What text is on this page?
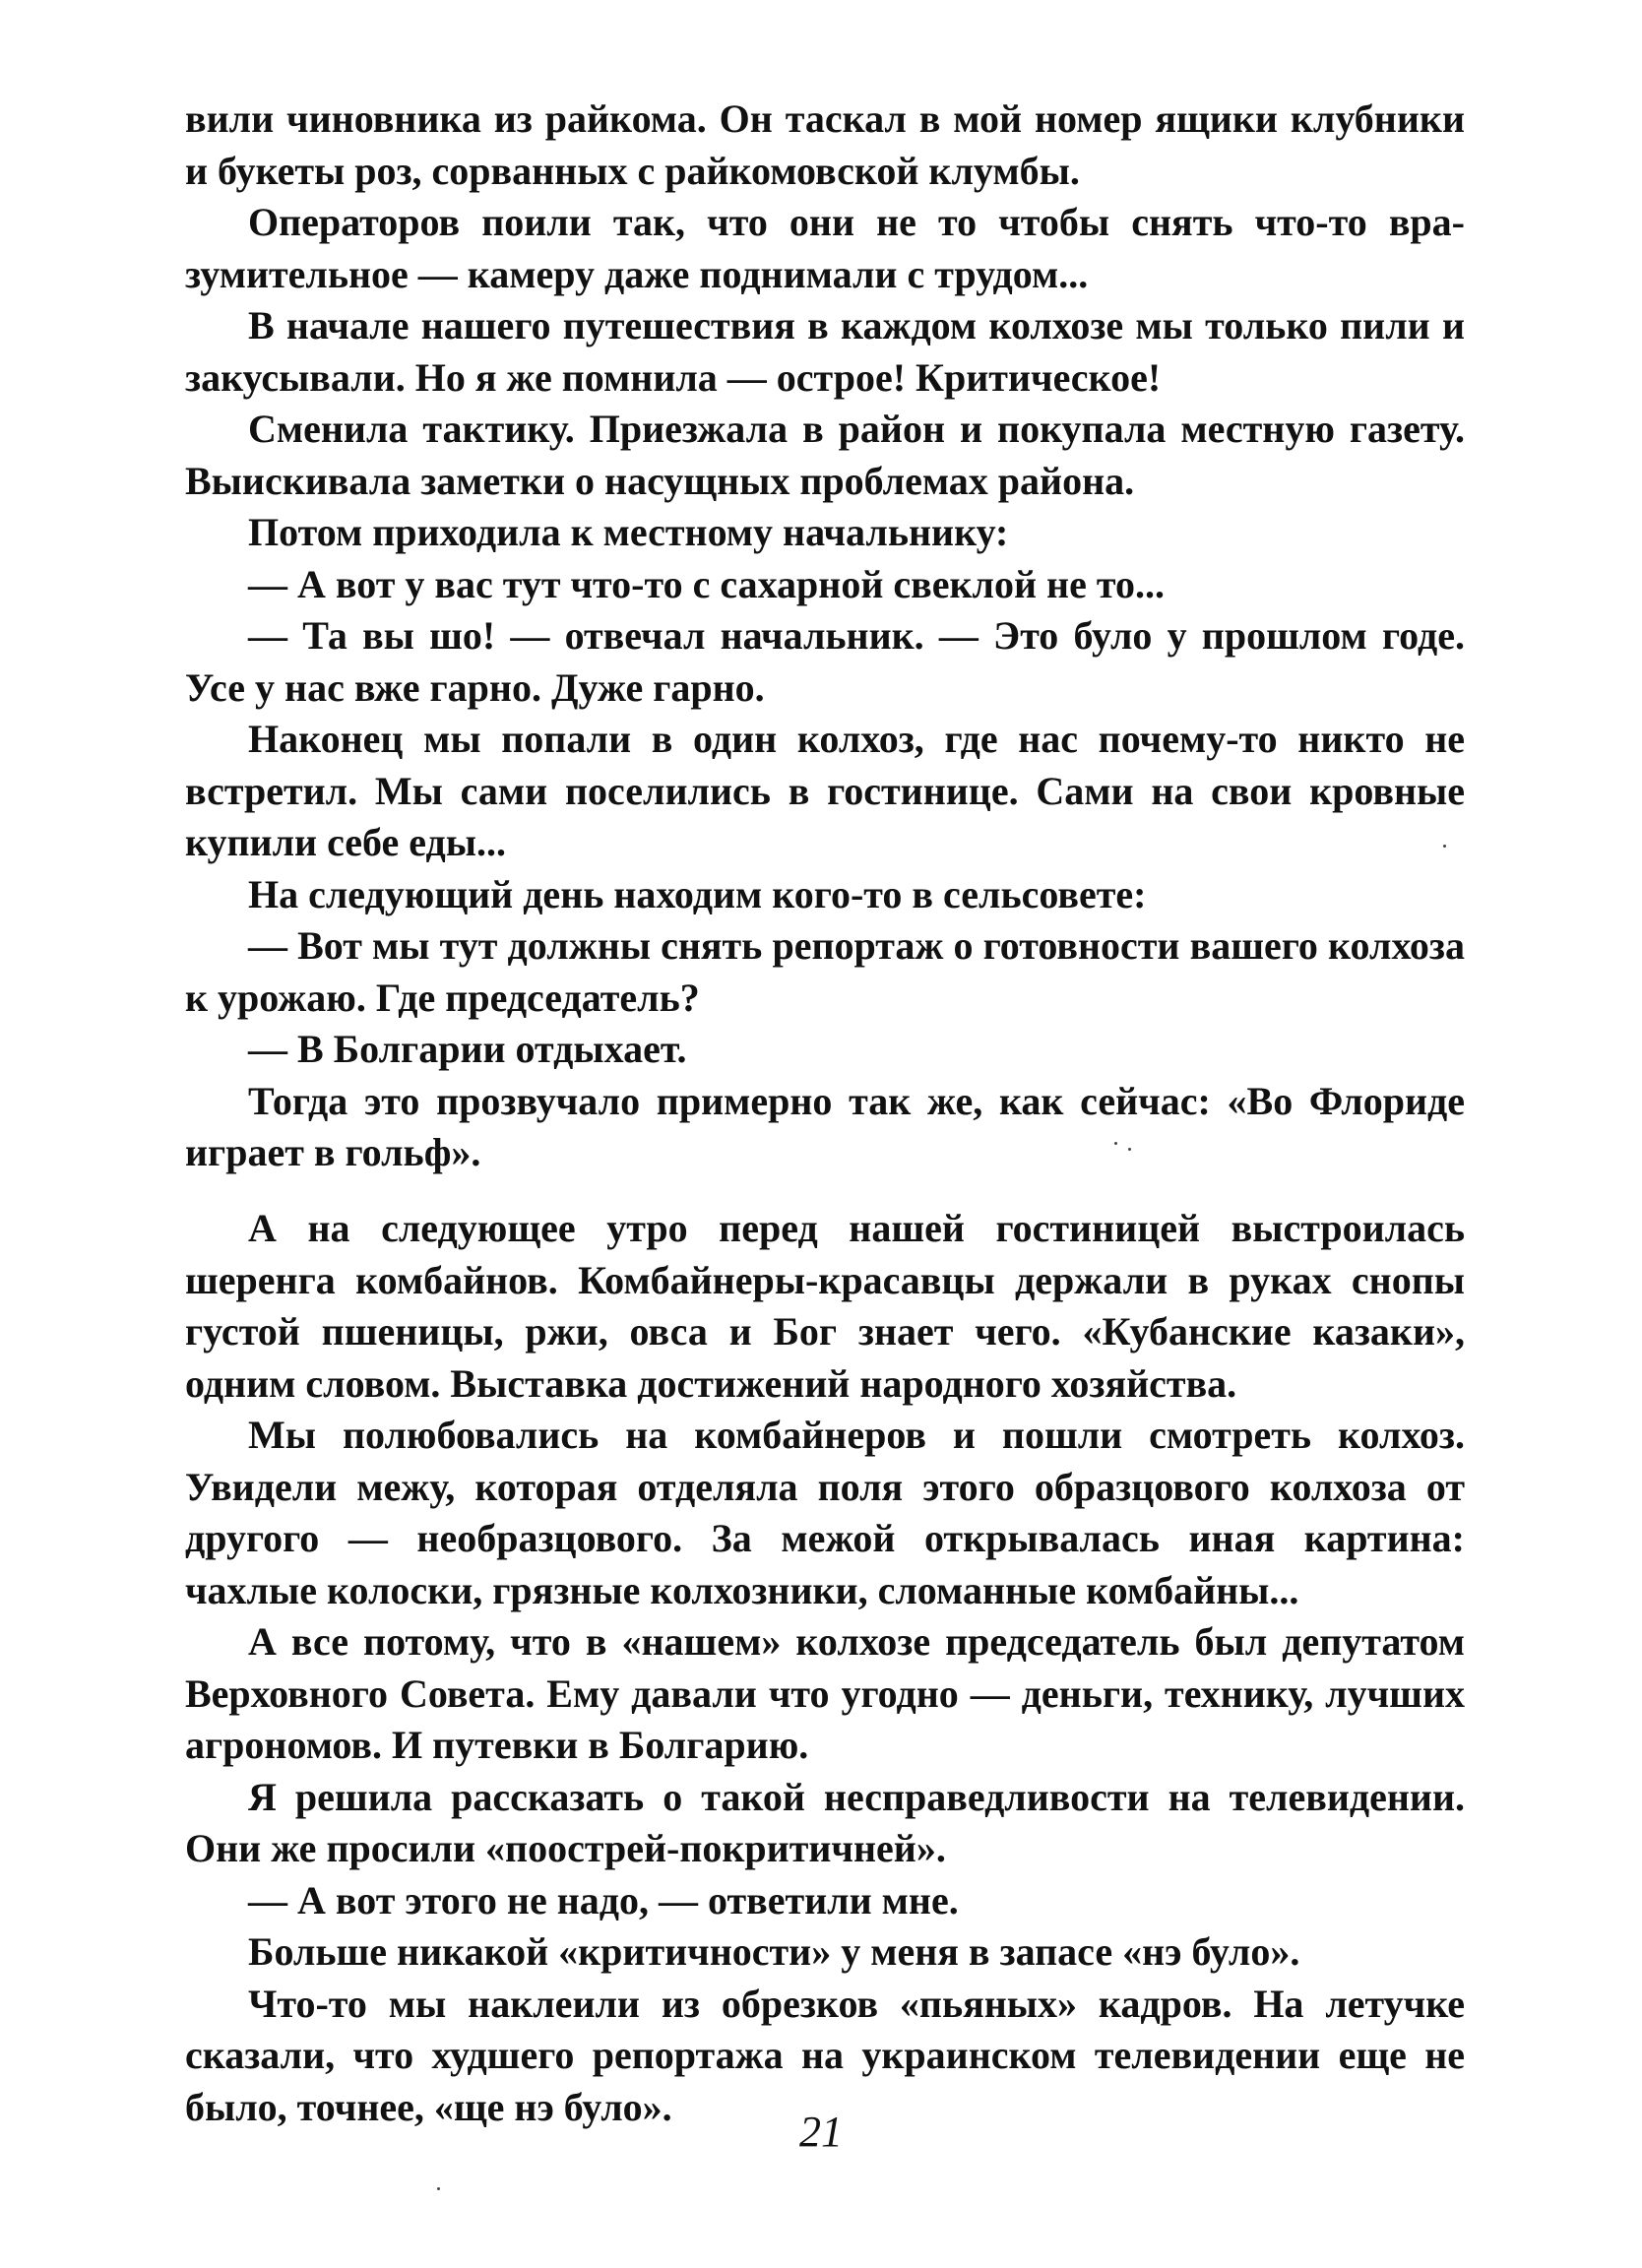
вили чиновника из райкома. Он таскал в мой номер ящики клубники и букеты роз, сорванных с райкомовской клумбы.

Операторов поили так, что они не то чтобы снять что-то вразумительное — камеру даже поднимали с трудом...

В начале нашего путешествия в каждом колхозе мы только пили и закусывали. Но я же помнила — острое! Критическое!

Сменила тактику. Приезжала в район и покупала местную газету. Выискивала заметки о насущных проблемах района.

Потом приходила к местному начальнику:

— А вот у вас тут что-то с сахарной свеклой не то...

— Та вы шо! — отвечал начальник. — Это було у прошлом годе. Усе у нас вже гарно. Дуже гарно.

Наконец мы попали в один колхоз, где нас почему-то никто не встретил. Мы сами поселились в гостинице. Сами на свои кровные купили себе еды...

На следующий день находим кого-то в сельсовете:

— Вот мы тут должны снять репортаж о готовности вашего колхоза к урожаю. Где председатель?

— В Болгарии отдыхает.

Тогда это прозвучало примерно так же, как сейчас: «Во Флориде играет в гольф».

А на следующее утро перед нашей гостиницей выстроилась шеренга комбайнов. Комбайнеры-красавцы держали в руках снопы густой пшеницы, ржи, овса и Бог знает чего. «Кубанские казаки», одним словом. Выставка достижений народного хозяйства.

Мы полюбовались на комбайнеров и пошли смотреть колхоз. Увидели межу, которая отделяла поля этого образцового колхоза от другого — необразцового. За межой открывалась иная картина: чахлые колоски, грязные колхозники, сломанные комбайны...

А все потому, что в «нашем» колхозе председатель был депутатом Верховного Совета. Ему давали что угодно — деньги, технику, лучших агрономов. И путевки в Болгарию.

Я решила рассказать о такой несправедливости на телевидении. Они же просили «поострей-покритичней».

— А вот этого не надо, — ответили мне.

Больше никакой «критичности» у меня в запасе «нэ було».

Что-то мы наклеили из обрезков «пьяных» кадров. На летучке сказали, что худшего репортажа на украинском телевидении еще не было, точнее, «ще нэ було».

21
